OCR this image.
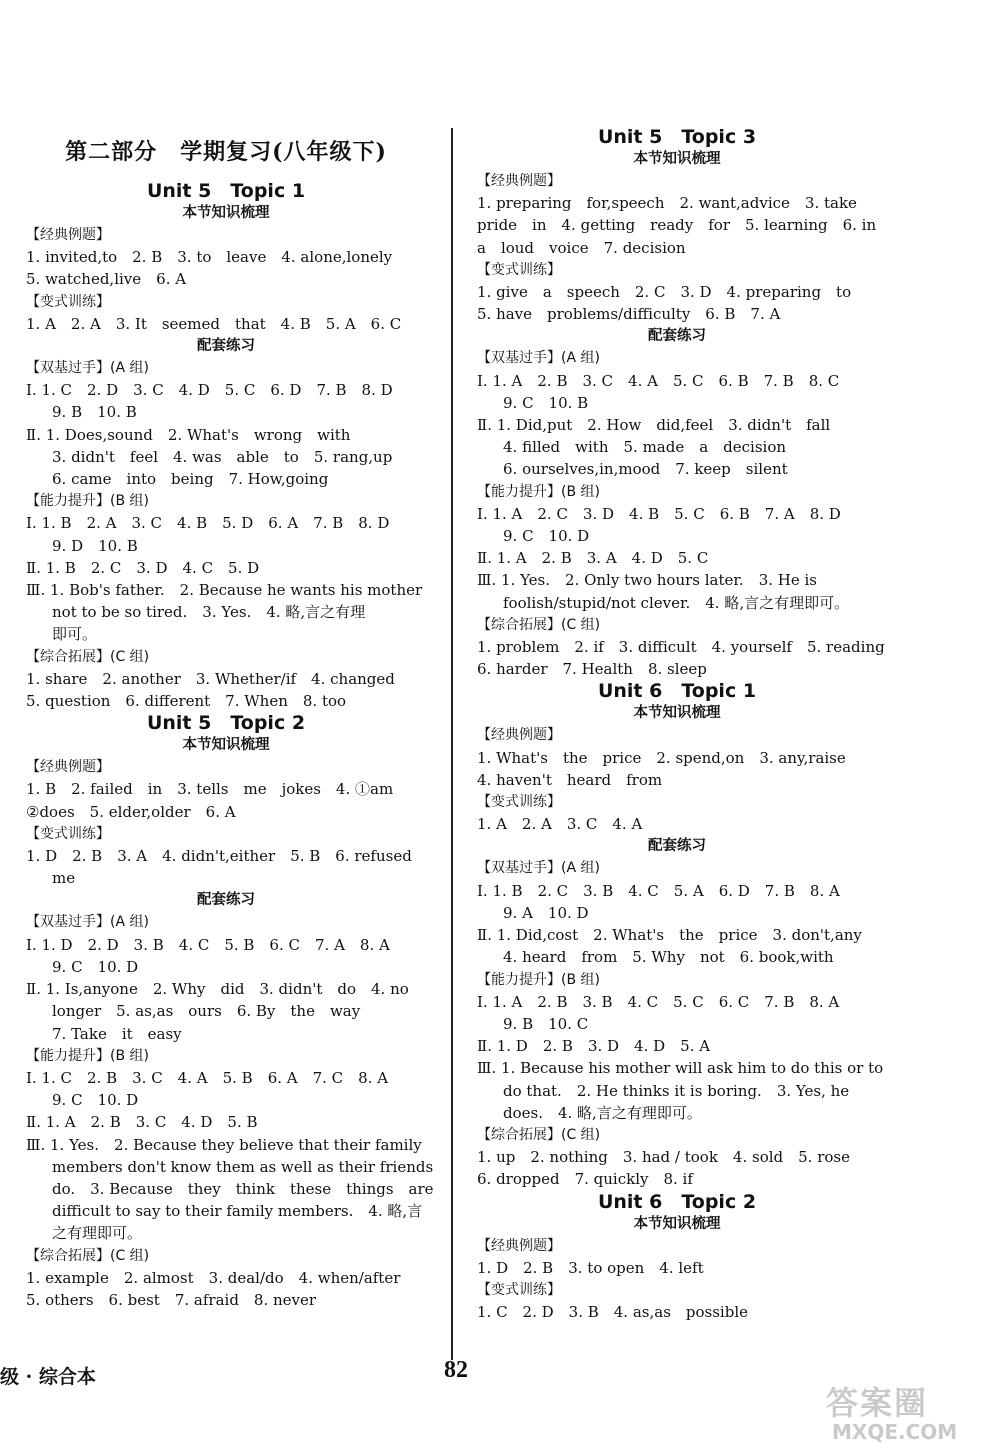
第二部分　学期复习(八年级下)
Unit 5　Topic 1
本节知识梳理
【经典例题】
1. invited,to　2. B　3. to　leave　4. alone,lonely
5. watched,live　6. A
【变式训练】
1. A　2. A　3. It　seemed　that　4. B　5. A　6. C
配套练习
【双基过手】(A 组)
Ⅰ. 1. C　2. D　3. C　4. D　5. C　6. D　7. B　8. D
9. B　10. B
Ⅱ. 1. Does,sound　2. What's　wrong　with
3. didn't　feel　4. was　able　to　5. rang,up
6. came　into　being　7. How,going
【能力提升】(B 组)
Ⅰ. 1. B　2. A　3. C　4. B　5. D　6. A　7. B　8. D
9. D　10. B
Ⅱ. 1. B　2. C　3. D　4. C　5. D
Ⅲ. 1. Bob's father.　2. Because he wants his mother
not to be so tired.　3. Yes.　4. 略,言之有理
即可。
【综合拓展】(C 组)
1. share　2. another　3. Whether/if　4. changed
5. question　6. different　7. When　8. too
Unit 5　Topic 2
本节知识梳理
【经典例题】
1. B　2. failed　in　3. tells　me　jokes　4. ①am
②does　5. elder,older　6. A
【变式训练】
1. D　2. B　3. A　4. didn't,either　5. B　6. refused
me
配套练习
【双基过手】(A 组)
Ⅰ. 1. D　2. D　3. B　4. C　5. B　6. C　7. A　8. A
9. C　10. D
Ⅱ. 1. Is,anyone　2. Why　did　3. didn't　do　4. no
longer　5. as,as　ours　6. By　the　way
7. Take　it　easy
【能力提升】(B 组)
Ⅰ. 1. C　2. B　3. C　4. A　5. B　6. A　7. C　8. A
9. C　10. D
Ⅱ. 1. A　2. B　3. C　4. D　5. B
Ⅲ. 1. Yes.　2. Because they believe that their family
members don't know them as well as their friends
do.　3. Because　they　think　these　things　are
difficult to say to their family members.　4. 略,言
之有理即可。
【综合拓展】(C 组)
1. example　2. almost　3. deal/do　4. when/after
5. others　6. best　7. afraid　8. never
Unit 5　Topic 3
本节知识梳理
【经典例题】
1. preparing　for,speech　2. want,advice　3. take
pride　in　4. getting　ready　for　5. learning　6. in
a　loud　voice　7. decision
【变式训练】
1. give　a　speech　2. C　3. D　4. preparing　to
5. have　problems/difficulty　6. B　7. A
配套练习
【双基过手】(A 组)
Ⅰ. 1. A　2. B　3. C　4. A　5. C　6. B　7. B　8. C
9. C　10. B
Ⅱ. 1. Did,put　2. How　did,feel　3. didn't　fall
4. filled　with　5. made　a　decision
6. ourselves,in,mood　7. keep　silent
【能力提升】(B 组)
Ⅰ. 1. A　2. C　3. D　4. B　5. C　6. B　7. A　8. D
9. C　10. D
Ⅱ. 1. A　2. B　3. A　4. D　5. C
Ⅲ. 1. Yes.　2. Only two hours later.　3. He is
foolish/stupid/not clever.　4. 略,言之有理即可。
【综合拓展】(C 组)
1. problem　2. if　3. difficult　4. yourself　5. reading
6. harder　7. Health　8. sleep
Unit 6　Topic 1
本节知识梳理
【经典例题】
1. What's　the　price　2. spend,on　3. any,raise
4. haven't　heard　from
【变式训练】
1. A　2. A　3. C　4. A
配套练习
【双基过手】(A 组)
Ⅰ. 1. B　2. C　3. B　4. C　5. A　6. D　7. B　8. A
9. A　10. D
Ⅱ. 1. Did,cost　2. What's　the　price　3. don't,any
4. heard　from　5. Why　not　6. book,with
【能力提升】(B 组)
Ⅰ. 1. A　2. B　3. B　4. C　5. C　6. C　7. B　8. A
9. B　10. C
Ⅱ. 1. D　2. B　3. D　4. D　5. A
Ⅲ. 1. Because his mother will ask him to do this or to
do that.　2. He thinks it is boring.　3. Yes, he
does.　4. 略,言之有理即可。
【综合拓展】(C 组)
1. up　2. nothing　3. had / took　4. sold　5. rose
6. dropped　7. quickly　8. if
Unit 6　Topic 2
本节知识梳理
【经典例题】
1. D　2. B　3. to open　4. left
【变式训练】
1. C　2. D　3. B　4. as,as　possible
级 · 综合本	82
答案圈
MXQE.COM
